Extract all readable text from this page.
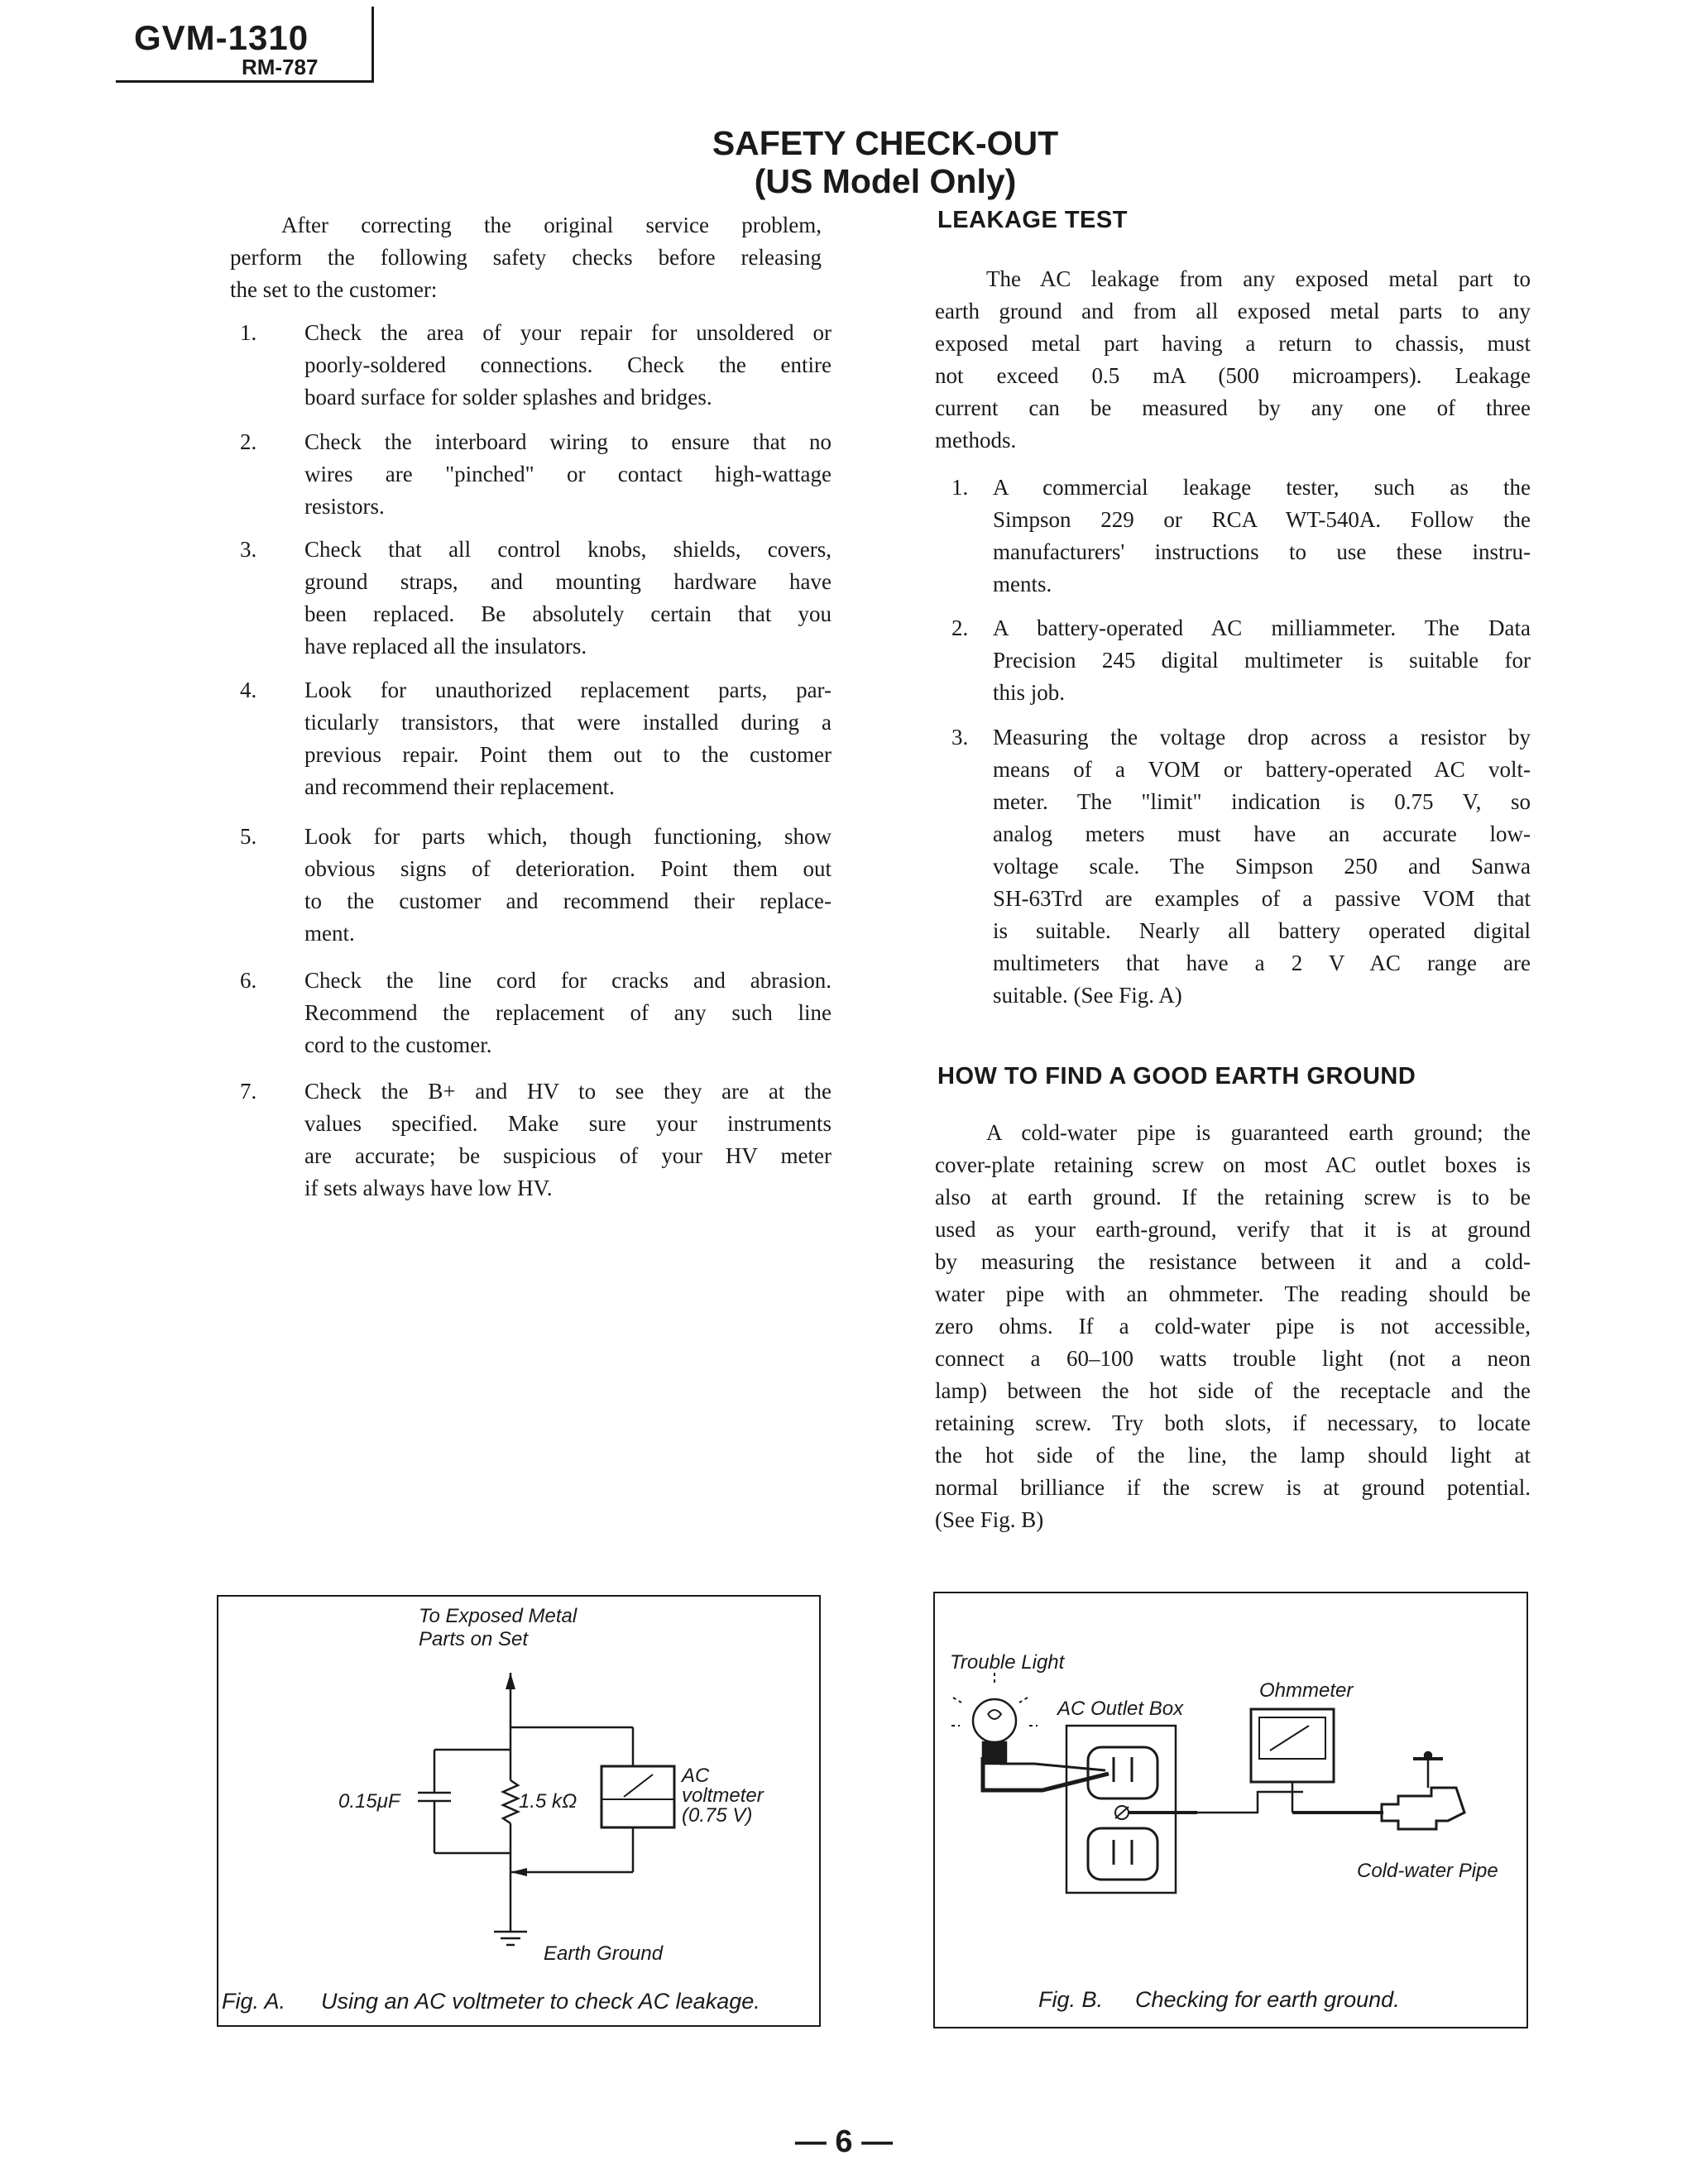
GVM-1310
RM-787
SAFETY CHECK-OUT
(US Model Only)
After correcting the original service problem,
perform the following safety checks before releasing
the set to the customer:
1.	Check the area of your repair for unsoldered or
poorly-soldered connections. Check the entire
board surface for solder splashes and bridges.
2.	Check the interboard wiring to ensure that no
wires are "pinched" or contact high-wattage
resistors.
3.	Check that all control knobs, shields, covers,
ground straps, and mounting hardware have
been replaced. Be absolutely certain that you
have replaced all the insulators.
4.	Look for unauthorized replacement parts, par-
ticularly transistors, that were installed during a
previous repair. Point them out to the customer
and recommend their replacement.
5.	Look for parts which, though functioning, show
obvious signs of deterioration. Point them out
to the customer and recommend their replace-
ment.
6.	Check the line cord for cracks and abrasion.
Recommend the replacement of any such line
cord to the customer.
7.	Check the B+ and HV to see they are at the
values specified. Make sure your instruments
are accurate; be suspicious of your HV meter
if sets always have low HV.
LEAKAGE TEST
The AC leakage from any exposed metal part to
earth ground and from all exposed metal parts to any
exposed metal part having a return to chassis, must
not exceed 0.5 mA (500 microampers). Leakage
current can be measured by any one of three
methods.
1.	A commercial leakage tester, such as the
Simpson 229 or RCA WT-540A. Follow the
manufacturers' instructions to use these instru-
ments.
2.	A battery-operated AC milliammeter. The Data
Precision 245 digital multimeter is suitable for
this job.
3.	Measuring the voltage drop across a resistor by
means of a VOM or battery-operated AC volt-
meter. The "limit" indication is 0.75 V, so
analog meters must have an accurate low-
voltage scale. The Simpson 250 and Sanwa
SH-63Trd are examples of a passive VOM that
is suitable. Nearly all battery operated digital
multimeters that have a 2 V AC range are
suitable. (See Fig. A)
HOW TO FIND A GOOD EARTH GROUND
A cold-water pipe is guaranteed earth ground; the
cover-plate retaining screw on most AC outlet boxes is
also at earth ground. If the retaining screw is to be
used as your earth-ground, verify that it is at ground
by measuring the resistance between it and a cold-
water pipe with an ohmmeter. The reading should be
zero ohms. If a cold-water pipe is not accessible,
connect a 60–100 watts trouble light (not a neon
lamp) between the hot side of the receptacle and the
retaining screw. Try both slots, if necessary, to locate
the hot side of the line, the lamp should light at
normal brilliance if the screw is at ground potential.
(See Fig. B)
To Exposed Metal
Parts on Set
0.15μF	1.5 kΩ
AC
voltmeter
(0.75 V)
Earth Ground
Fig. A. Using an AC voltmeter to check AC leakage.
Trouble Light
AC Outlet Box
Ohmmeter
Cold-water Pipe
Fig. B. Checking for earth ground.
— 6 —
